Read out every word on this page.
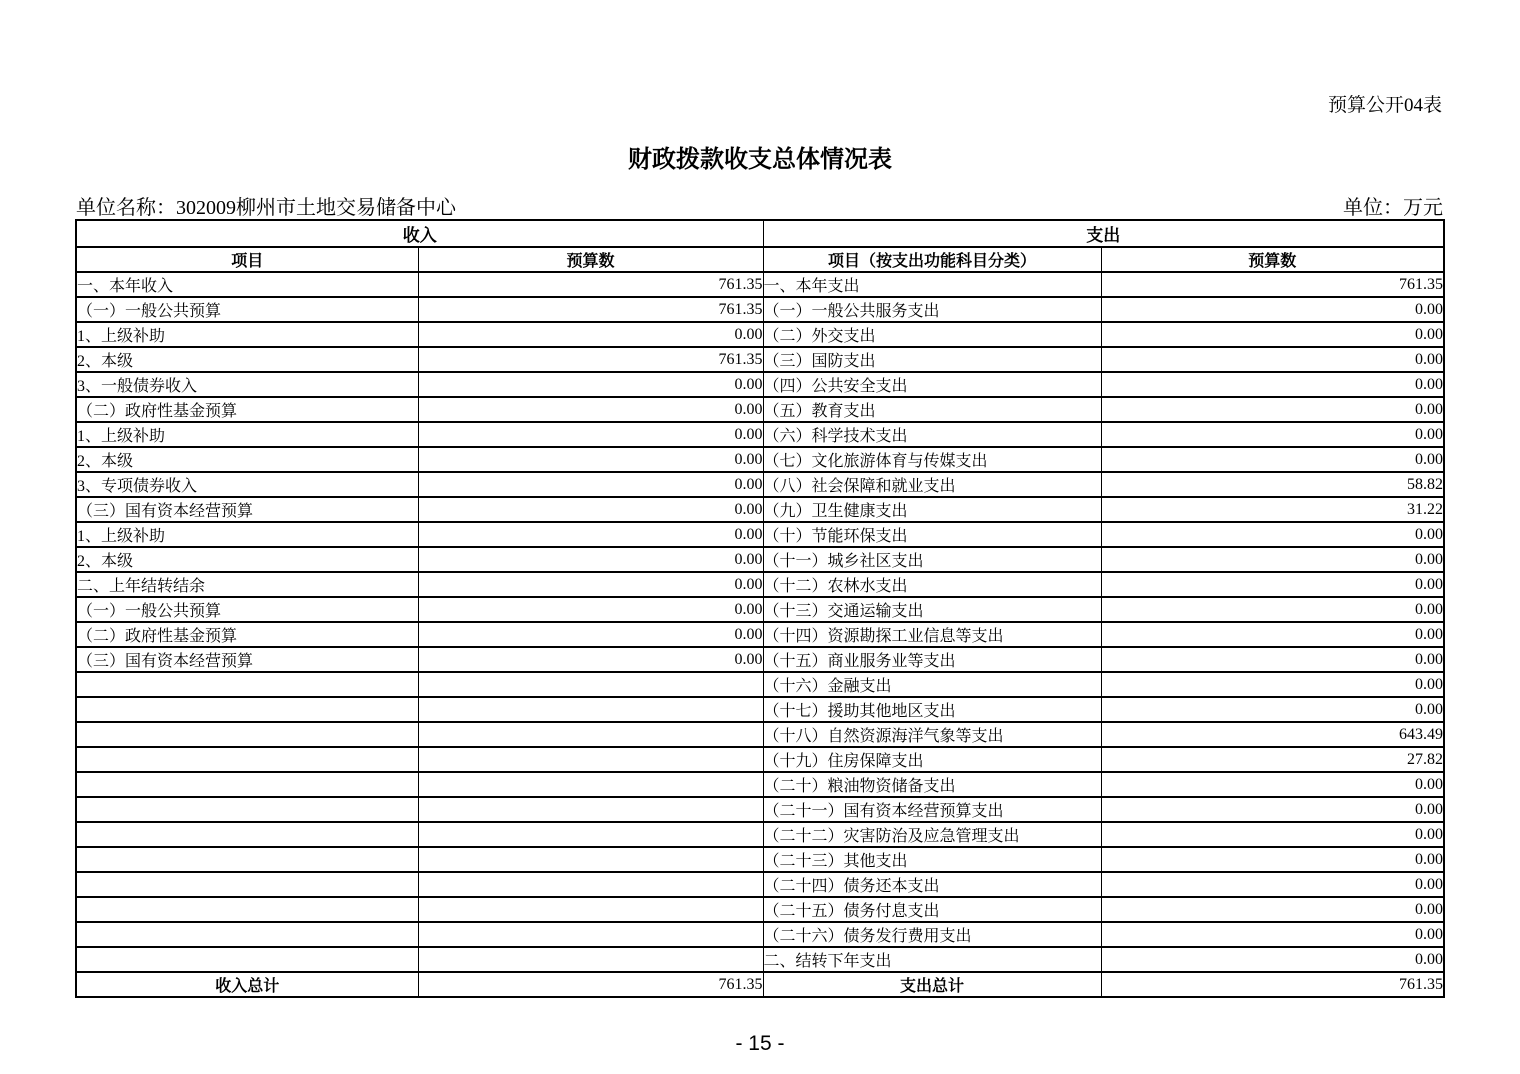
预算公开04表
财政拨款收支总体情况表
单位名称：302009柳州市土地交易储备中心	单位：万元
收入		支出	
项目	预算数	项目（按支出功能科目分类）	预算数
一、本年收入	761.35	一、本年支出	761.35
（一）一般公共预算	761.35	（一）一般公共服务支出	0.00
1、上级补助	0.00	（二）外交支出	0.00
2、本级	761.35	（三）国防支出	0.00
3、一般债券收入	0.00	（四）公共安全支出	0.00
（二）政府性基金预算	0.00	（五）教育支出	0.00
1、上级补助	0.00	（六）科学技术支出	0.00
2、本级	0.00	（七）文化旅游体育与传媒支出	0.00
3、专项债券收入	0.00	（八）社会保障和就业支出	58.82
（三）国有资本经营预算	0.00	（九）卫生健康支出	31.22
1、上级补助	0.00	（十）节能环保支出	0.00
2、本级	0.00	（十一）城乡社区支出	0.00
二、上年结转结余	0.00	（十二）农林水支出	0.00
（一）一般公共预算	0.00	（十三）交通运输支出	0.00
（二）政府性基金预算	0.00	（十四）资源勘探工业信息等支出	0.00
（三）国有资本经营预算	0.00	（十五）商业服务业等支出	0.00
		（十六）金融支出	0.00
		（十七）援助其他地区支出	0.00
		（十八）自然资源海洋气象等支出	643.49
		（十九）住房保障支出	27.82
		（二十）粮油物资储备支出	0.00
		（二十一）国有资本经营预算支出	0.00
		（二十二）灾害防治及应急管理支出	0.00
		（二十三）其他支出	0.00
		（二十四）债务还本支出	0.00
		（二十五）债务付息支出	0.00
		（二十六）债务发行费用支出	0.00
		二、结转下年支出	0.00
收入总计	761.35	支出总计	761.35
- 15 -
